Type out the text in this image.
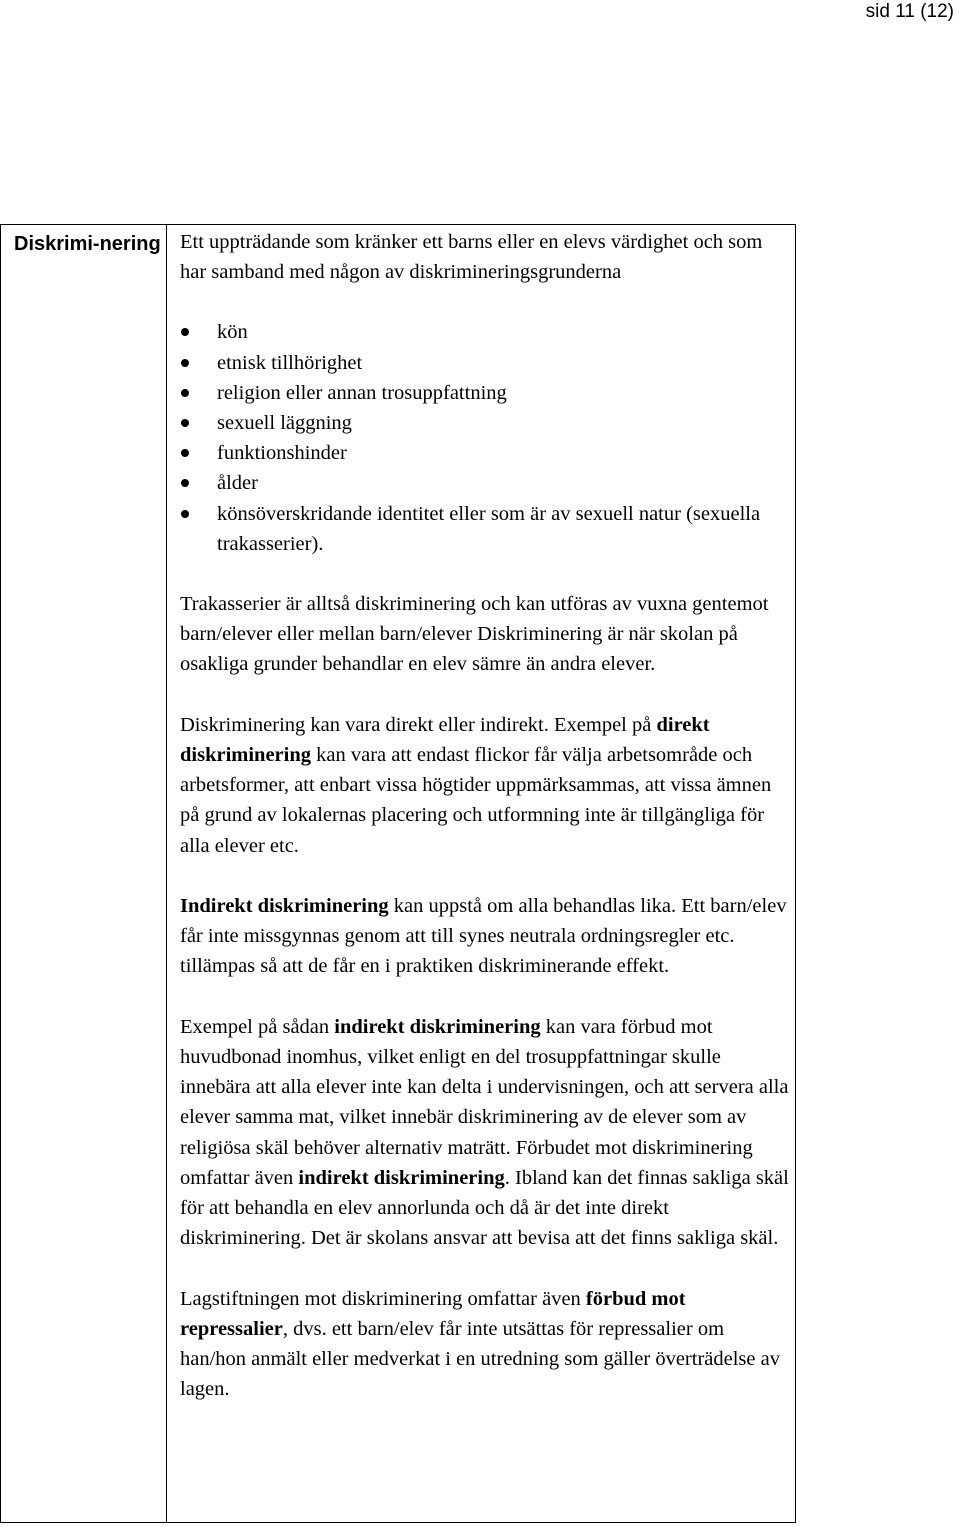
sid 11 (12)
Diskrimi-nering Ett uppträdande som kränker ett barns eller en elevs värdighet och som har samband med någon av diskrimineringsgrunderna

kön
etnisk tillhörighet
religion eller annan trosuppfattning
sexuell läggning
funktionshinder
ålder
könsöverskridande identitet eller som är av sexuell natur (sexuella trakasserier).

Trakasserier är alltså diskriminering och kan utföras av vuxna gentemot barn/elever eller mellan barn/elever Diskriminering är när skolan på osakliga grunder behandlar en elev sämre än andra elever.

Diskriminering kan vara direkt eller indirekt. Exempel på direkt diskriminering kan vara att endast flickor får välja arbetsområde och arbetsformer, att enbart vissa högtider uppmärksammas, att vissa ämnen på grund av lokalernas placering och utformning inte är tillgängliga för alla elever etc.

Indirekt diskriminering kan uppstå om alla behandlas lika. Ett barn/elev får inte missgynnas genom att till synes neutrala ordningsregler etc. tillämpas så att de får en i praktiken diskriminerande effekt.

Exempel på sådan indirekt diskriminering kan vara förbud mot huvudbonad inomhus, vilket enligt en del trosuppfattningar skulle innebära att alla elever inte kan delta i undervisningen, och att servera alla elever samma mat, vilket innebär diskriminering av de elever som av religiösa skäl behöver alternativ maträtt. Förbudet mot diskriminering omfattar även indirekt diskriminering. Ibland kan det finnas sakliga skäl för att behandla en elev annorlunda och då är det inte direkt diskriminering. Det är skolans ansvar att bevisa att det finns sakliga skäl.

Lagstiftningen mot diskriminering omfattar även förbud mot repressalier, dvs. ett barn/elev får inte utsättas för repressalier om han/hon anmält eller medverkat i en utredning som gäller överträdelse av lagen.
